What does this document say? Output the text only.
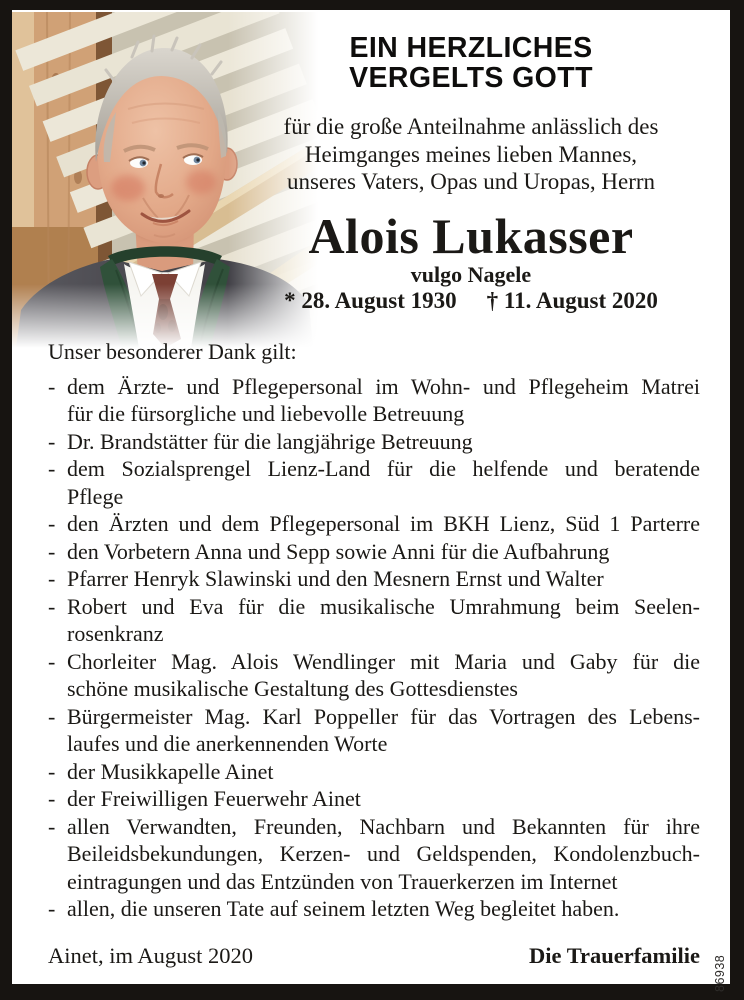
EIN HERZLICHES
VERGELTS GOTT
für die große Anteilnahme anlässlich des
Heimganges meines lieben Mannes,
unseres Vaters, Opas und Uropas, Herrn
Alois Lukasser
vulgo Nagele
* 28. August 1930 † 11. August 2020
Unser besonderer Dank gilt:
- dem Ärzte- und Pflegepersonal im Wohn- und Pflegeheim Matrei
für die fürsorgliche und liebevolle Betreuung
- Dr. Brandstätter für die langjährige Betreuung
- dem Sozialsprengel Lienz-Land für die helfende und beratende
Pflege
- den Ärzten und dem Pflegepersonal im BKH Lienz, Süd 1 Parterre
- den Vorbetern Anna und Sepp sowie Anni für die Aufbahrung
- Pfarrer Henryk Slawinski und den Mesnern Ernst und Walter
- Robert und Eva für die musikalische Umrahmung beim Seelen-
rosenkranz
- Chorleiter Mag. Alois Wendlinger mit Maria und Gaby für die
schöne musikalische Gestaltung des Gottesdienstes
- Bürgermeister Mag. Karl Poppeller für das Vortragen des Lebens-
laufes und die anerkennenden Worte
- der Musikkapelle Ainet
- der Freiwilligen Feuerwehr Ainet
- allen Verwandten, Freunden, Nachbarn und Bekannten für ihre
Beileidsbekundungen, Kerzen- und Geldspenden, Kondolenzbuch-
eintragungen und das Entzünden von Trauerkerzen im Internet
- allen, die unseren Tate auf seinem letzten Weg begleitet haben.
Ainet, im August 2020	Die Trauerfamilie 86938
